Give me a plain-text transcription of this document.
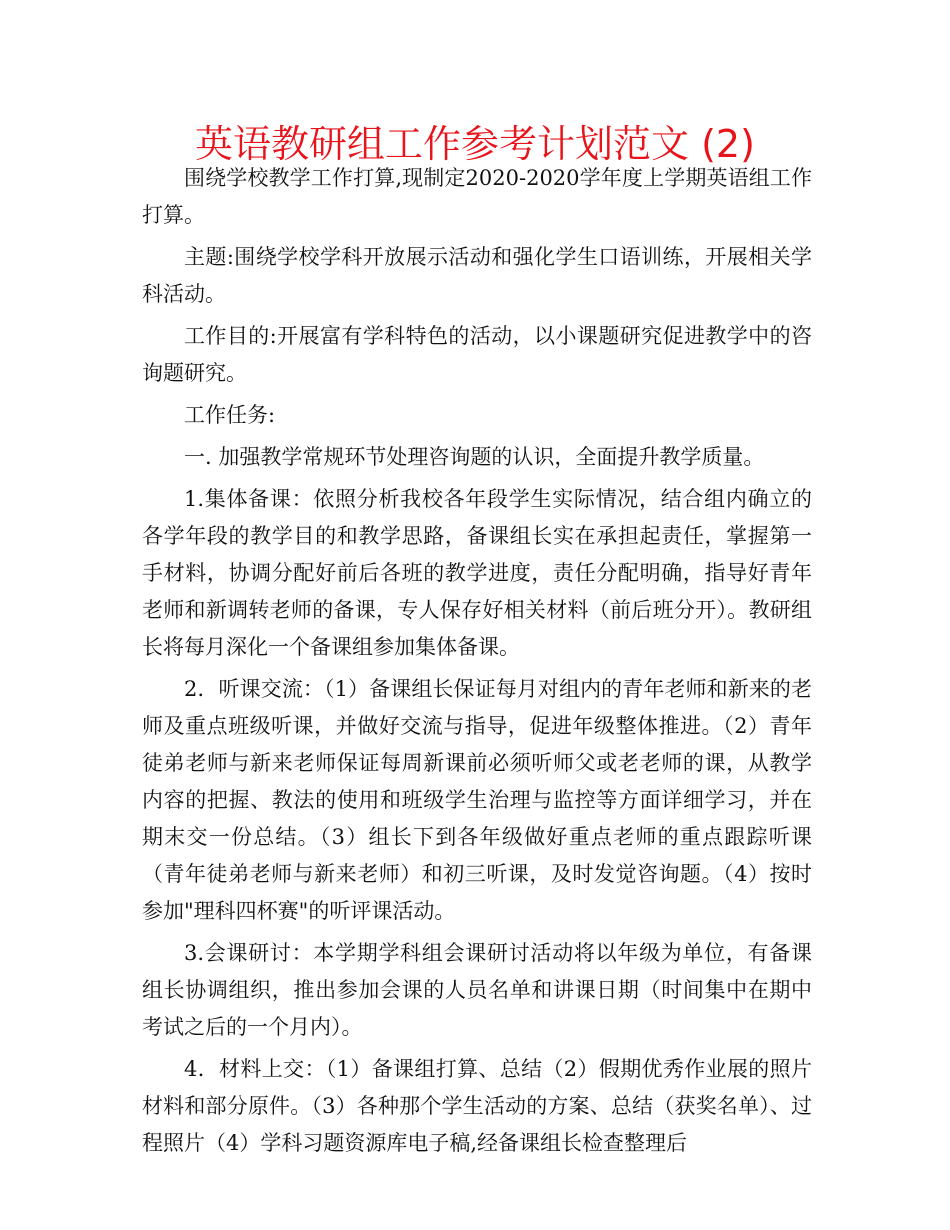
英语教研组工作参考计划范文 (2)

围绕学校教学工作打算,现制定2020-2020学年度上学期英语组工作打算。

主题:围绕学校学科开放展示活动和强化学生口语训练，开展相关学科活动。

工作目的:开展富有学科特色的活动，以小课题研究促进教学中的咨询题研究。

工作任务:

一. 加强教学常规环节处理咨询题的认识，全面提升教学质量。

1.集体备课：依照分析我校各年段学生实际情况，结合组内确立的各学年段的教学目的和教学思路，备课组长实在承担起责任，掌握第一手材料，协调分配好前后各班的教学进度，责任分配明确，指导好青年老师和新调转老师的备课，专人保存好相关材料（前后班分开）。教研组长将每月深化一个备课组参加集体备课。

2．听课交流：（1）备课组长保证每月对组内的青年老师和新来的老师及重点班级听课，并做好交流与指导，促进年级整体推进。（2）青年徒弟老师与新来老师保证每周新课前必须听师父或老老师的课，从教学内容的把握、教法的使用和班级学生治理与监控等方面详细学习，并在期末交一份总结。（3）组长下到各年级做好重点老师的重点跟踪听课（青年徒弟老师与新来老师）和初三听课，及时发觉咨询题。（4）按时参加"理科四杯赛"的听评课活动。

3.会课研讨：本学期学科组会课研讨活动将以年级为单位，有备课组长协调组织，推出参加会课的人员名单和讲课日期（时间集中在期中考试之后的一个月内）。

4．材料上交：（1）备课组打算、总结（2）假期优秀作业展的照片材料和部分原件。（3）各种那个学生活动的方案、总结（获奖名单）、过程照片（4）学科习题资源库电子稿,经备课组长检查整理后
